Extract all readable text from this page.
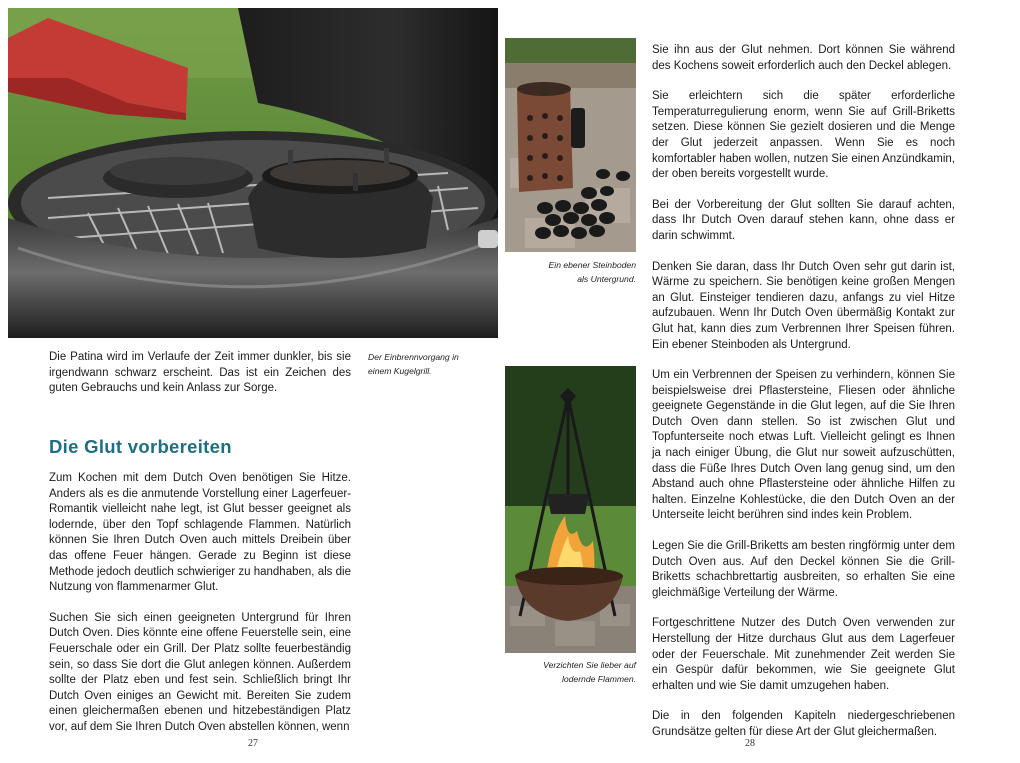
Der Einbrennvorgang in einem Kugelgrill.

Die Patina wird im Verlaufe der Zeit immer dunkler, bis sie irgendwann schwarz erscheint. Das ist ein Zeichen des guten Gebrauchs und kein Anlass zur Sorge.

Die Glut vorbereiten

Zum Kochen mit dem Dutch Oven benötigen Sie Hitze. Anders als es die anmutende Vorstellung einer Lagerfeuer-Romantik vielleicht nahe legt, ist Glut besser geeignet als lodernde, über den Topf schlagende Flammen. Natürlich können Sie Ihren Dutch Oven auch mittels Dreibein über das offene Feuer hängen. Gerade zu Beginn ist diese Methode jedoch deutlich schwieriger zu handhaben, als die Nutzung von flammenarmer Glut.

Suchen Sie sich einen geeigneten Untergrund für Ihren Dutch Oven. Dies könnte eine offene Feuerstelle sein, eine Feuerschale oder ein Grill. Der Platz sollte feuerbeständig sein, so dass Sie dort die Glut anlegen können. Außerdem sollte der Platz eben und fest sein. Schließlich bringt Ihr Dutch Oven einiges an Gewicht mit. Bereiten Sie zudem einen gleichermaßen ebenen und hitzebeständigen Platz vor, auf dem Sie Ihren Dutch Oven abstellen können, wenn

27
Ein ebener Steinboden
als Untergrund.
Verzichten Sie lieber auf
lodernde Flammen.

Sie ihn aus der Glut nehmen. Dort können Sie während des Kochens soweit erforderlich auch den Deckel ablegen.

Sie erleichtern sich die später erforderliche Temperaturregulierung enorm, wenn Sie auf Grill-Briketts setzen. Diese können Sie gezielt dosieren und die Menge der Glut jederzeit anpassen. Wenn Sie es noch komfortabler haben wollen, nutzen Sie einen Anzündkamin, der oben bereits vorgestellt wurde.

Bei der Vorbereitung der Glut sollten Sie darauf achten, dass Ihr Dutch Oven darauf stehen kann, ohne dass er darin schwimmt.

Denken Sie daran, dass Ihr Dutch Oven sehr gut darin ist, Wärme zu speichern. Sie benötigen keine großen Mengen an Glut. Einsteiger tendieren dazu, anfangs zu viel Hitze aufzubauen. Wenn Ihr Dutch Oven übermäßig Kontakt zur Glut hat, kann dies zum Verbrennen Ihrer Speisen führen. Ein ebener Steinboden als Untergrund.

Um ein Verbrennen der Speisen zu verhindern, können Sie beispielsweise drei Pflastersteine, Fliesen oder ähnliche geeignete Gegenstände in die Glut legen, auf die Sie Ihren Dutch Oven dann stellen. So ist zwischen Glut und Topfunterseite noch etwas Luft. Vielleicht gelingt es Ihnen ja nach einiger Übung, die Glut nur soweit aufzuschütten, dass die Füße Ihres Dutch Oven lang genug sind, um den Abstand auch ohne Pflastersteine oder ähnliche Hilfen zu halten. Einzelne Kohlestücke, die den Dutch Oven an der Unterseite leicht berühren sind indes kein Problem.

Legen Sie die Grill-Briketts am besten ringförmig unter dem Dutch Oven aus. Auf den Deckel können Sie die Grill-Briketts schachbrettartig ausbreiten, so erhalten Sie eine gleichmäßige Verteilung der Wärme.

Fortgeschrittene Nutzer des Dutch Oven verwenden zur Herstellung der Hitze durchaus Glut aus dem Lagerfeuer oder der Feuerschale. Mit zunehmender Zeit werden Sie ein Gespür dafür bekommen, wie Sie geeignete Glut erhalten und wie Sie damit umzugehen haben.

Die in den folgenden Kapiteln niedergeschriebenen Grundsätze gelten für diese Art der Glut gleichermaßen.

28
